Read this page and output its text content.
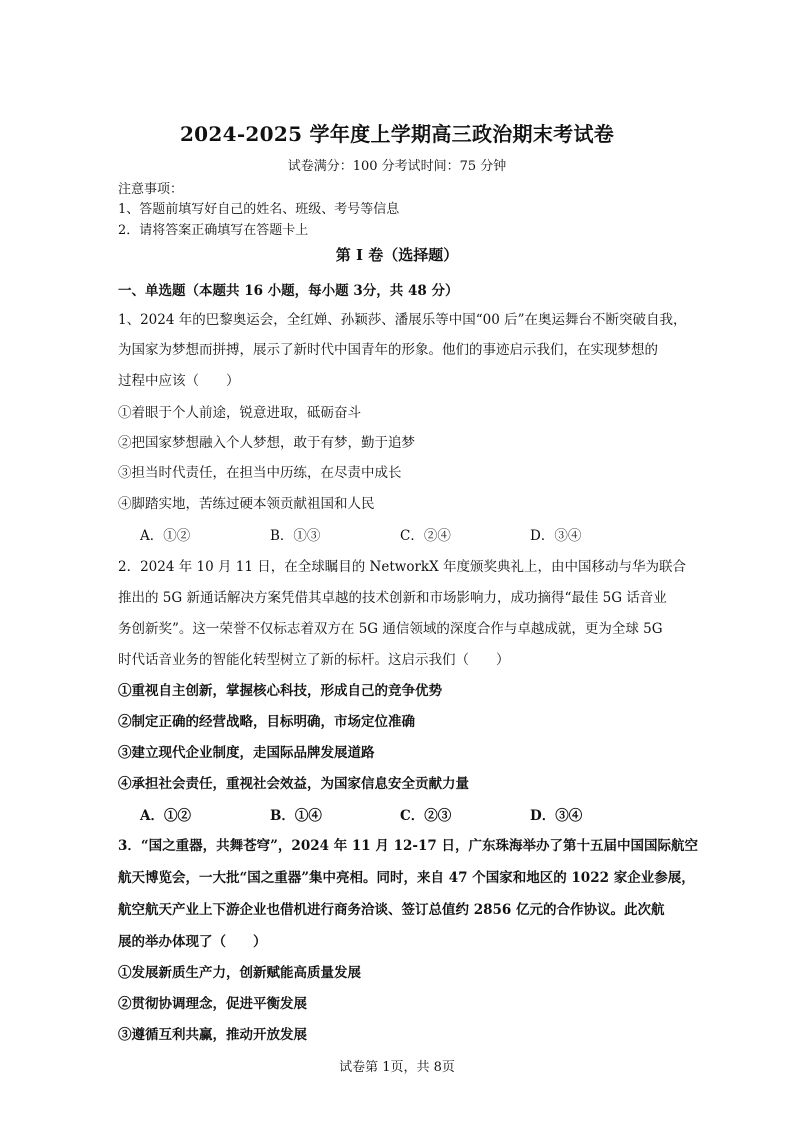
2024-2025 学年度上学期高三政治期末考试卷
试卷满分：100 分考试时间：75 分钟
注意事项：
1、答题前填写好自己的姓名、班级、考号等信息
2．请将答案正确填写在答题卡上
第 I 卷（选择题）
一、单选题（本题共 16 小题，每小题 3分，共 48 分）
1、2024 年的巴黎奥运会，全红婵、孙颖莎、潘展乐等中国“00 后”在奥运舞台不断突破自我，
为国家为梦想而拼搏，展示了新时代中国青年的形象。他们的事迹启示我们，在实现梦想的
过程中应该（　　）
①着眼于个人前途，锐意进取，砥砺奋斗
②把国家梦想融入个人梦想，敢于有梦，勤于追梦
③担当时代责任，在担当中历练，在尽责中成长
④脚踏实地，苦练过硬本领贡献祖国和人民
A．①②	B．①③	C．②④	D．③④
2．2024 年 10 月 11 日，在全球瞩目的 NetworkX 年度颁奖典礼上，由中国移动与华为联合
推出的 5G 新通话解决方案凭借其卓越的技术创新和市场影响力，成功摘得“最佳 5G 话音业
务创新奖”。这一荣誉不仅标志着双方在 5G 通信领域的深度合作与卓越成就，更为全球 5G
时代话音业务的智能化转型树立了新的标杆。这启示我们（　　）
①重视自主创新，掌握核心科技，形成自己的竞争优势
②制定正确的经营战略，目标明确，市场定位准确
③建立现代企业制度，走国际品牌发展道路
④承担社会责任，重视社会效益，为国家信息安全贡献力量
A．①②	B．①④	C．②③	D．③④
3．“国之重器，共舞苍穹”，2024 年 11 月 12-17 日，广东珠海举办了第十五届中国国际航空
航天博览会，一大批“国之重器”集中亮相。同时，来自 47 个国家和地区的 1022 家企业参展，
航空航天产业上下游企业也借机进行商务洽谈、签订总值约 2856 亿元的合作协议。此次航
展的举办体现了（　　）
①发展新质生产力，创新赋能高质量发展
②贯彻协调理念，促进平衡发展
③遵循互利共赢，推动开放发展
试卷第 1页，共 8页
